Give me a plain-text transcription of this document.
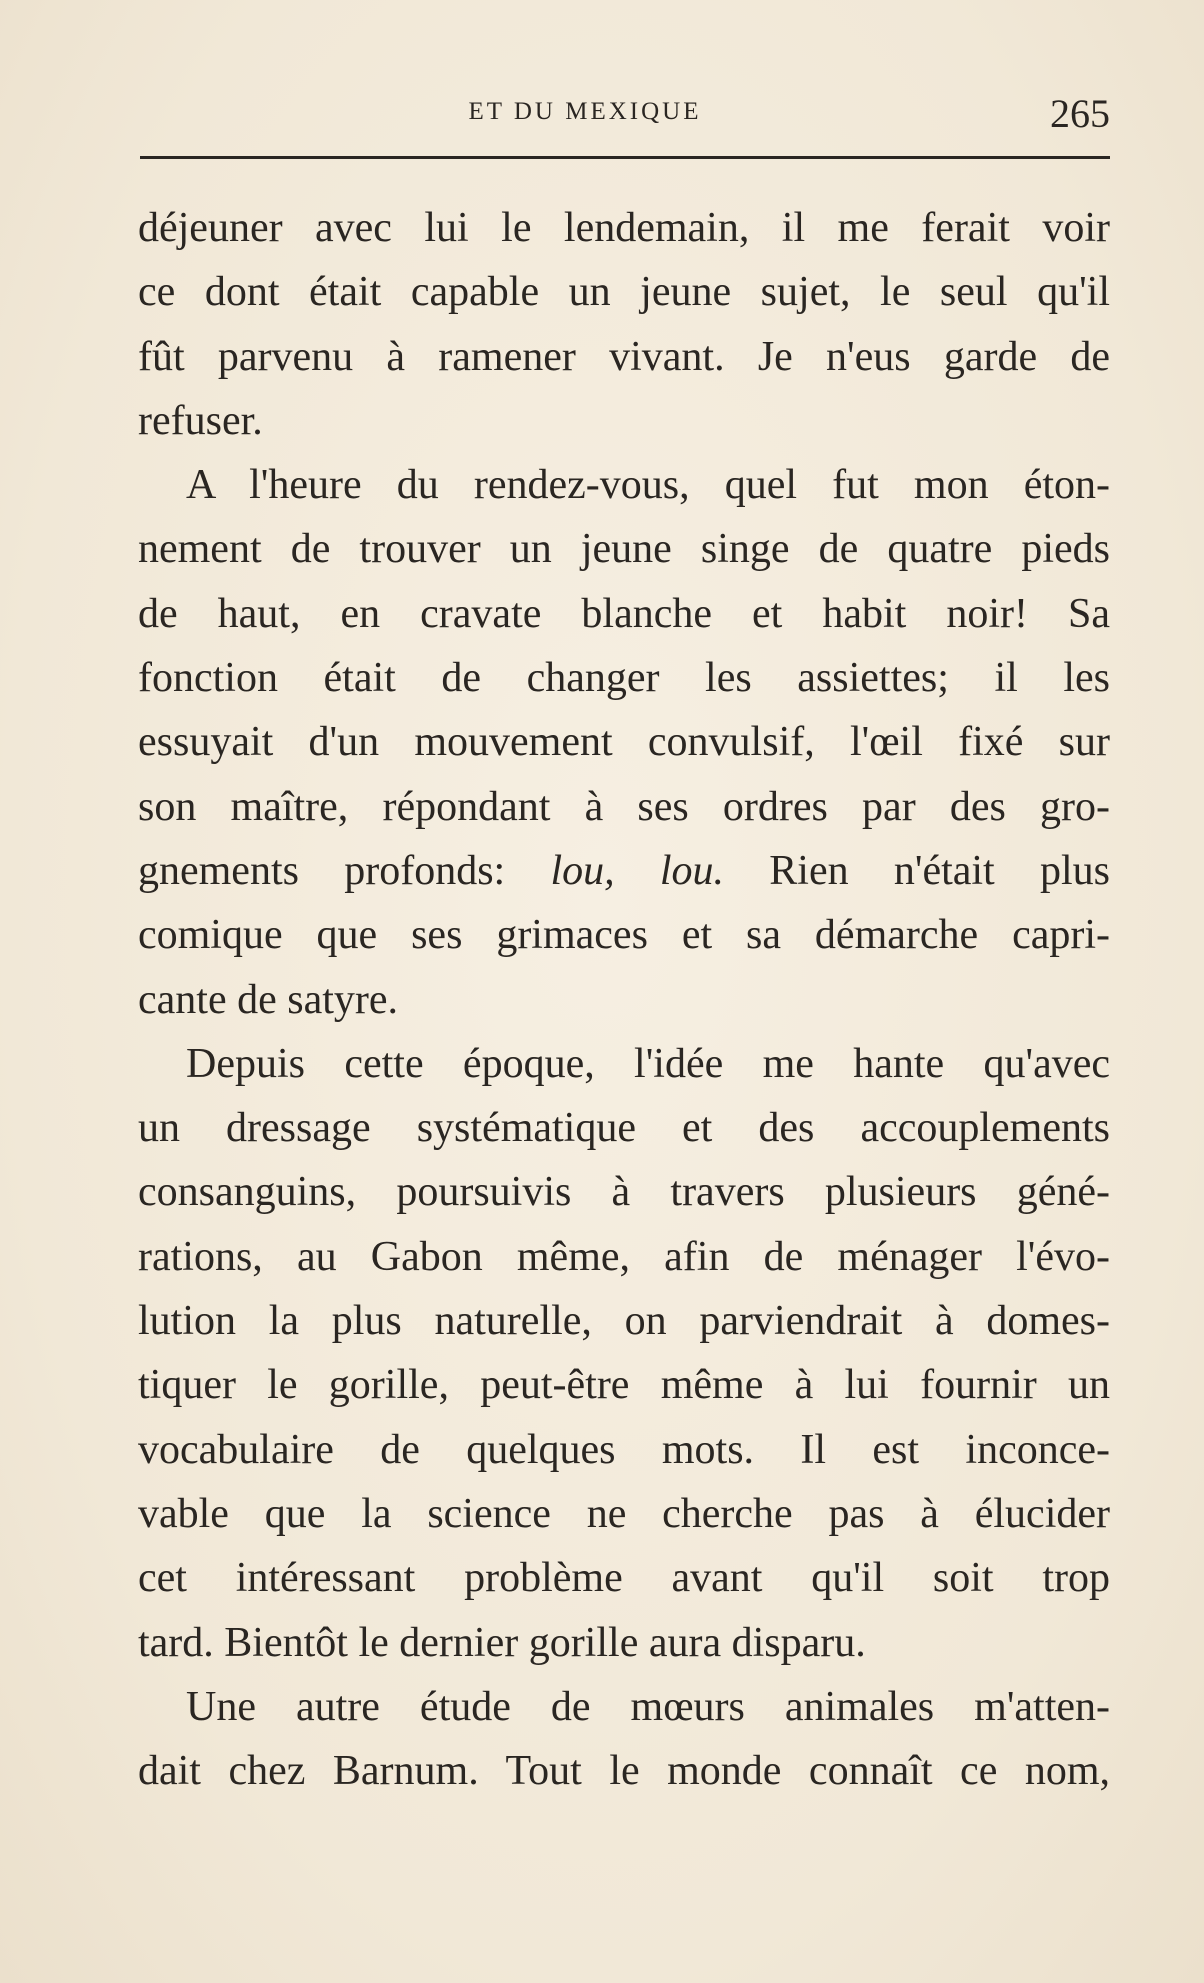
ET DU MEXIQUE	265
déjeuner avec lui le lendemain, il me ferait voir
ce dont était capable un jeune sujet, le seul qu'il
fût parvenu à ramener vivant. Je n'eus garde de
refuser.
A l'heure du rendez-vous, quel fut mon éton-
nement de trouver un jeune singe de quatre pieds
de haut, en cravate blanche et habit noir! Sa
fonction était de changer les assiettes; il les
essuyait d'un mouvement convulsif, l'œil fixé sur
son maître, répondant à ses ordres par des gro-
gnements profonds: lou, lou. Rien n'était plus
comique que ses grimaces et sa démarche capri-
cante de satyre.
Depuis cette époque, l'idée me hante qu'avec
un dressage systématique et des accouplements
consanguins, poursuivis à travers plusieurs géné-
rations, au Gabon même, afin de ménager l'évo-
lution la plus naturelle, on parviendrait à domes-
tiquer le gorille, peut-être même à lui fournir un
vocabulaire de quelques mots. Il est inconce-
vable que la science ne cherche pas à élucider
cet intéressant problème avant qu'il soit trop
tard. Bientôt le dernier gorille aura disparu.
Une autre étude de mœurs animales m'atten-
dait chez Barnum. Tout le monde connaît ce nom,
